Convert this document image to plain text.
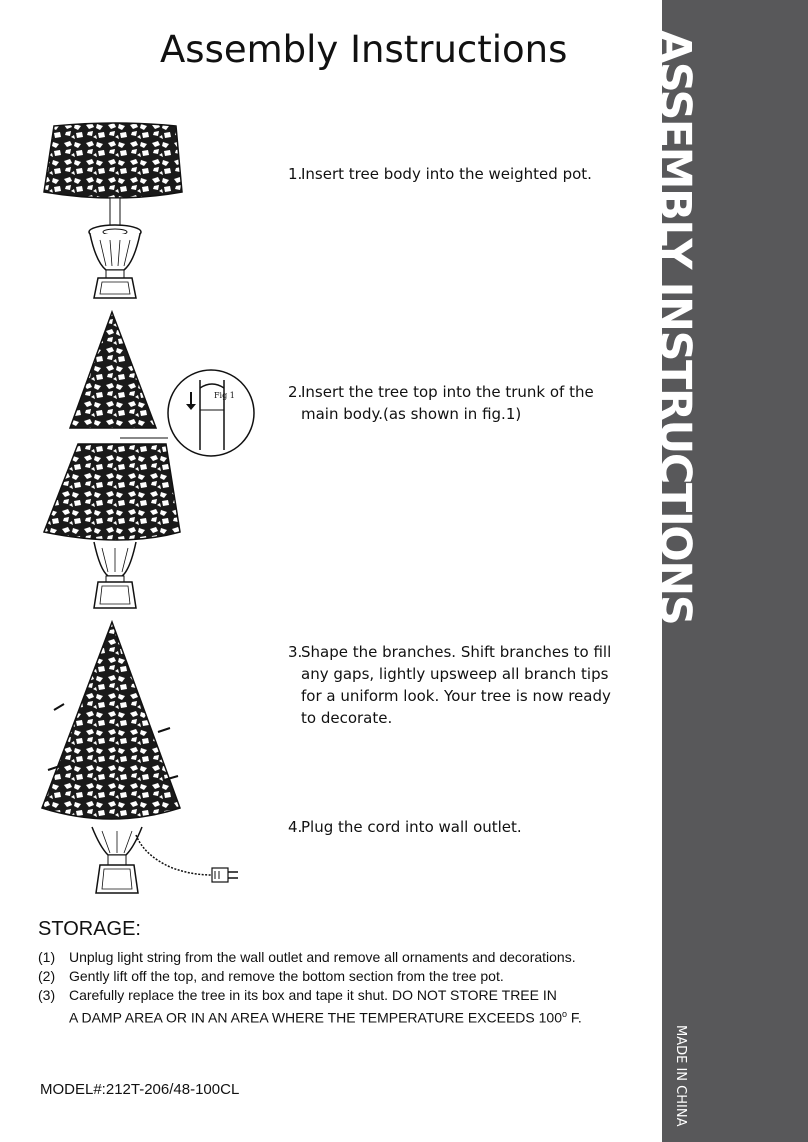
ASSEMBLY INSTRUCTIONS
MADE IN CHINA
Assembly Instructions
Fig 1
1.Insert tree body into the weighted pot.
2.Insert the tree top into the trunk of the
main body.(as shown in fig.1)
3.Shape the branches. Shift branches to fill
any gaps, lightly upsweep all branch tips
for a uniform look. Your tree is now ready
to decorate.
4.Plug the cord into wall outlet.
STORAGE:
(1) Unplug light string from the wall outlet and remove all ornaments and decorations.
(2) Gently lift off the top, and remove the bottom section from the tree pot.
(3) Carefully replace the tree in its box and tape it shut. DO NOT STORE TREE IN
A DAMP AREA OR IN AN AREA WHERE THE TEMPERATURE EXCEEDS 100$^o$ F.
MODEL#:212T-206/48-100CL
